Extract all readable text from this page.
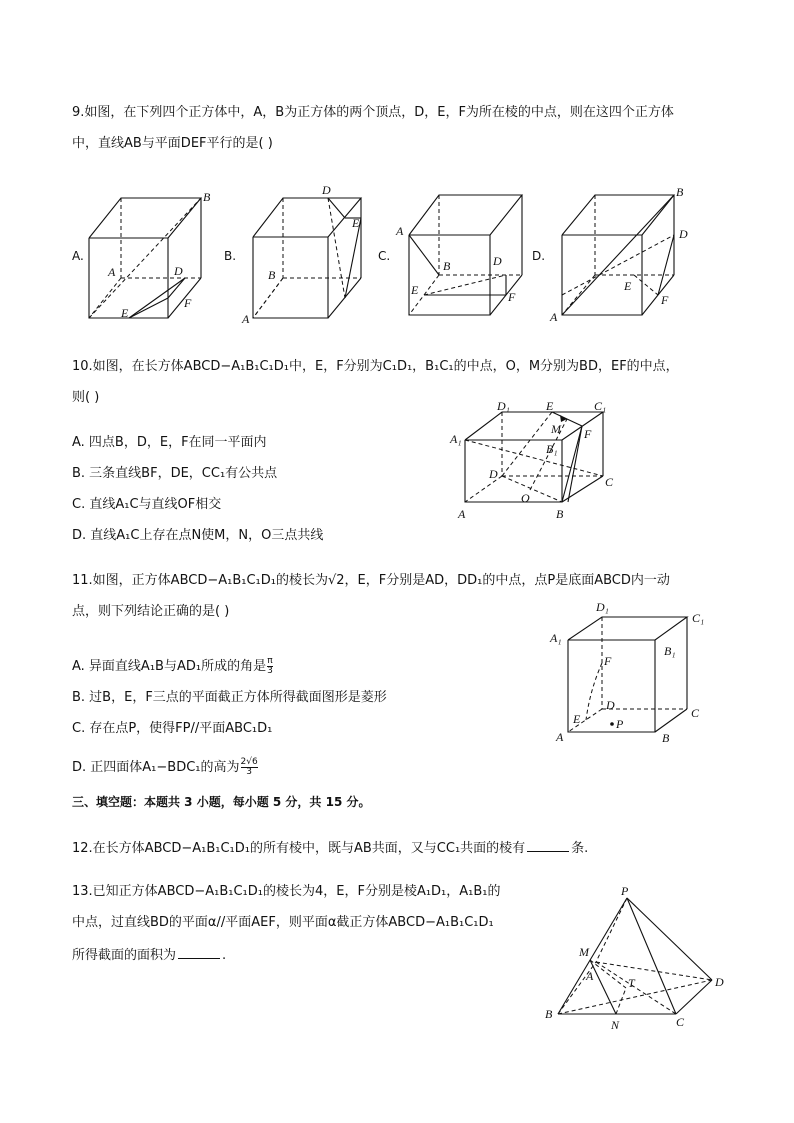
9.如图，在下列四个正方体中，A，B为正方体的两个顶点，D，E，F为所在棱的中点，则在这四个正方体
中，直线AB与平面DEF平行的是( )
A.
B
A	D
E
F
B.
D
E
B
A
C.
A
B	D
E	F
D.
B
D
E
F
A
10.如图，在长方体ABCD−A₁B₁C₁D₁中，E，F分别为C₁D₁，B₁C₁的中点，O，M分别为BD，EF的中点，
则( )
A. 四点B，D，E，F在同一平面内
B. 三条直线BF，DE，CC₁有公共点
C. 直线A₁C与直线OF相交
D. 直线A₁C上存在点N使M，N，O三点共线
D₁	E	C₁
A₁
M F
B₁
D
C
O
A	B
11.如图，正方体ABCD−A₁B₁C₁D₁的棱长为√2，E，F分别是AD，DD₁的中点，点P是底面ABCD内一动
点，则下列结论正确的是( )
A. 异面直线A₁B与AD₁所成的角是 $\frac{\pi}{3}$
B. 过B，E，F三点的平面截正方体所得截面图形是菱形
C. 存在点P，使得FP//平面ABC₁D₁
D. 正四面体A₁−BDC₁的高为 $\frac{2√6}{3}$
D₁
C₁
A₁
B₁
F
D
C
E	P
A	B
三、填空题：本题共 3 小题，每小题 5 分，共 15 分。
12.在长方体ABCD−A₁B₁C₁D₁的所有棱中，既与AB共面，又与CC₁共面的棱有	条.
13.已知正方体ABCD−A₁B₁C₁D₁的棱长为4，E，F分别是棱A₁D₁，A₁B₁的
中点，过直线BD的平面α//平面AEF，则平面α截正方体ABCD−A₁B₁C₁D₁
所得截面的面积为	.
P
M
A	T	D
B
N	C
